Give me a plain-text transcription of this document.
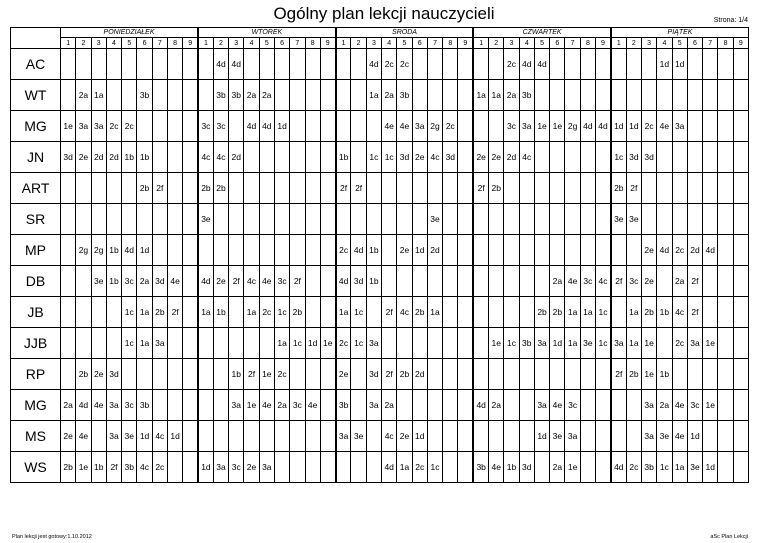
Ogólny plan lekcji nauczycieli	Strona: 1/4
	PONIEDZIAŁEK									WTOREK									ŚRODA									CZWARTEK									PIĄTEK								
	1	2	3	4	5	6	7	8	9	1	2	3	4	5	6	7	8	9	1	2	3	4	5	6	7	8	9	1	2	3	4	5	6	7	8	9	1	2	3	4	5	6	7	8	9
AC											4d	4d									4d	2c	2c							2c	4d	4d								1d	1d				
WT		2a	1a			3b					3b	3b	2a	2a							1a	2a	3b					1a	1a	2a	3b														
MG	1e	3a	3a	2c	2c					3c	3c		4d	4d	1d							4e	4e	3a	2g	2c				3c	3a	1e	1e	2g	4d	4d	1d	1d	2c	4e	3a				
JN	3d	2e	2d	2d	1b	1b				4c	4c	2d							1b		1c	1c	3d	2e	4c	3d		2e	2e	2d	4c						1c	3d	3d						
ART						2b	2f			2b	2b								2f	2f								2f	2b								2b	2f							
SR										3e															3e												3e	3e							
MP		2g	2g	1b	4d	1d													2c	4d	1b		2e	1d	2d														2e	4d	2c	2d	4d		
DB			3e	1b	3c	2a	3d	4e		4d	2e	2f	4c	4e	3c	2f			4d	3d	1b												2a	4e	3c	4c	2f	3c	2e		2a	2f			
JB					1c	1a	2b	2f		1a	1b		1a	2c	1c	2b			1a	1c		2f	4c	2b	1a							2b	2b	1a	1a	1c		1a	2b	1b	4c	2f			
JJB					1c	1a	3a								1a	1c	1d	1e	2c	1c	3a								1e	1c	3b	3a	1d	1a	3e	1c	3a	1a	1e		2c	3a	1e		
RP		2b	2e	3d								1b	2f	1e	2c				2e		3d	2f	2b	2d													2f	2b	1e	1b					
MG	2a	4d	4e	3a	3c	3b						3a	1e	4e	2a	3c	4e		3b		3a	2a						4d	2a			3a	4e	3c					3a	2a	4e	3c	1e		
MS	2e	4e		3a	3e	1d	4c	1d											3a	3e		4c	2e	1d								1d	3e	3a					3a	3e	4e	1d			
WS	2b	1e	1b	2f	3b	4c	2c			1d	3a	3c	2e	3a								4d	1a	2c	1c			3b	4e	1b	3d		2a	1e			4d	2c	3b	1c	1a	3e	1d		
Plan lekcji jest gotowy:1.10.2012	aSc Plan Lekcji
